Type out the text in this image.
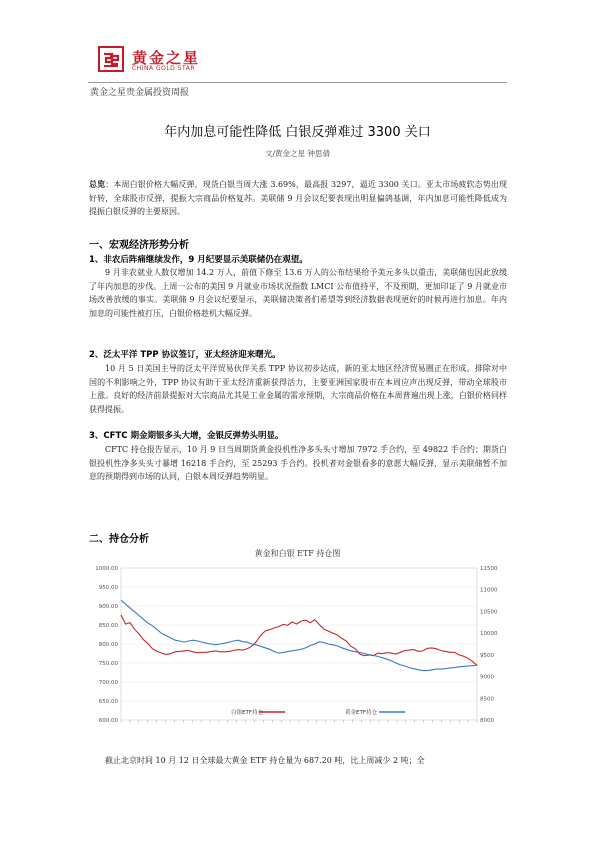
黄金之星
CHINA GOLD STAR
黄金之星贵金属投资周报
年内加息可能性降低 白银反弹难过 3300 关口
文/黄金之星 钟思倩
总览：本周白银价格大幅反弹，现货白银当周大涨 3.69%，最高报 3297，逼近 3300 关口。亚太市场疲软态势出现好转，全球股市反弹，提振大宗商品价格复苏。美联储 9 月会议纪要表现出明显偏鸽基调，年内加息可能性降低成为提振白银反弹的主要原因。
一、宏观经济形势分析
1、非农后阵痛继续发作，9 月纪要显示美联储仍在观望。
9 月非农就业人数仅增加 14.2 万人，前值下修至 13.6 万人的公布结果给予美元多头以重击，美联储也因此放缓了年内加息的步伐。上周一公布的美国 9 月就业市场状况指数 LMCI 公布值持平，不及预期，更加印证了 9 月就业市场改善放缓的事实。美联储 9 月会议纪要显示，美联储决策者们希望等到经济数据表现更好的时候再进行加息。年内加息的可能性被打压，白银价格趁机大幅反弹。
2、泛太平洋 TPP 协议签订，亚太经济迎来曙光。
10 月 5 日美国主导的泛太平洋贸易伙伴关系 TPP 协议初步达成，新的亚太地区经济贸易圈正在形成。排除对中国的不利影响之外，TPP 协议有助于亚太经济重新获得活力，主要亚洲国家股市在本周应声出现反弹，带动全球股市上涨。良好的经济前景提振对大宗商品尤其是工业金属的需求预期，大宗商品价格在本周普遍出现上涨，白银价格同样获得提振。
3、CFTC 期金期银多头大增，金银反弹势头明显。
CFTC 持仓报告显示，10 月 9 日当周期货黄金投机性净多头头寸增加 7972 手合约，至 49822 手合约；期货白银投机性净多头头寸暴增 16218 手合约，至 25293 手合约。投机者对金银看多的意愿大幅反弹，显示美联储暂不加息的预期得到市场的认同，白银本周反弹趋势明显。
二、持仓分析
黄金和白银 ETF 持仓图
1000.00
950.00
900.00
850.00
800.00
750.00
700.00
650.00
600.00
11500
11000
10500
10000
9500
9000
8500
8000
白银ETF持仓	黄金ETF持仓
截止北京时间 10 月 12 日全球最大黄金 ETF 持仓量为 687.20 吨，比上周减少 2 吨；全
